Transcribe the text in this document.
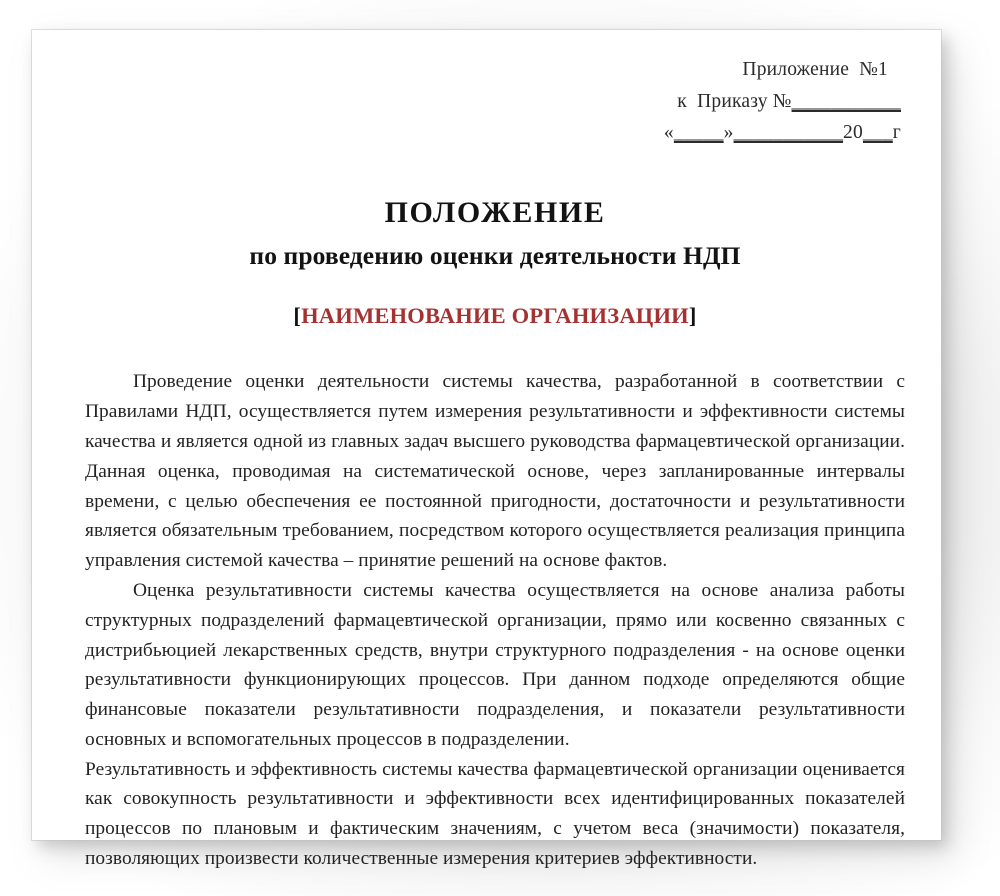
Приложение  №1
к  Приказу №___________
«_____»___________20___г
ПОЛОЖЕНИЕ
по проведению оценки деятельности НДП
[НАИМЕНОВАНИЕ ОРГАНИЗАЦИИ]

Проведение оценки деятельности системы качества, разработанной в соответствии с Правилами НДП, осуществляется путем измерения результативности и эффективности системы качества и является одной из главных задач высшего руководства фармацевтической организации. Данная оценка, проводимая на систематической основе, через запланированные интервалы времени, с целью обеспечения ее постоянной пригодности, достаточности и результативности является обязательным требованием, посредством которого осуществляется реализация принципа управления системой качества – принятие решений на основе фактов.

Оценка результативности системы качества осуществляется на основе анализа работы структурных подразделений фармацевтической организации, прямо или косвенно связанных с дистрибьюцией лекарственных средств, внутри структурного подразделения - на основе оценки результативности функционирующих процессов. При данном подходе определяются общие финансовые показатели результативности подразделения, и показатели результативности основных и вспомогательных процессов в подразделении.

Результативность и эффективность системы качества фармацевтической организации оценивается как совокупность результативности и эффективности всех идентифицированных показателей процессов по плановым и фактическим значениям, с учетом веса (значимости) показателя, позволяющих произвести количественные измерения критериев эффективности.
